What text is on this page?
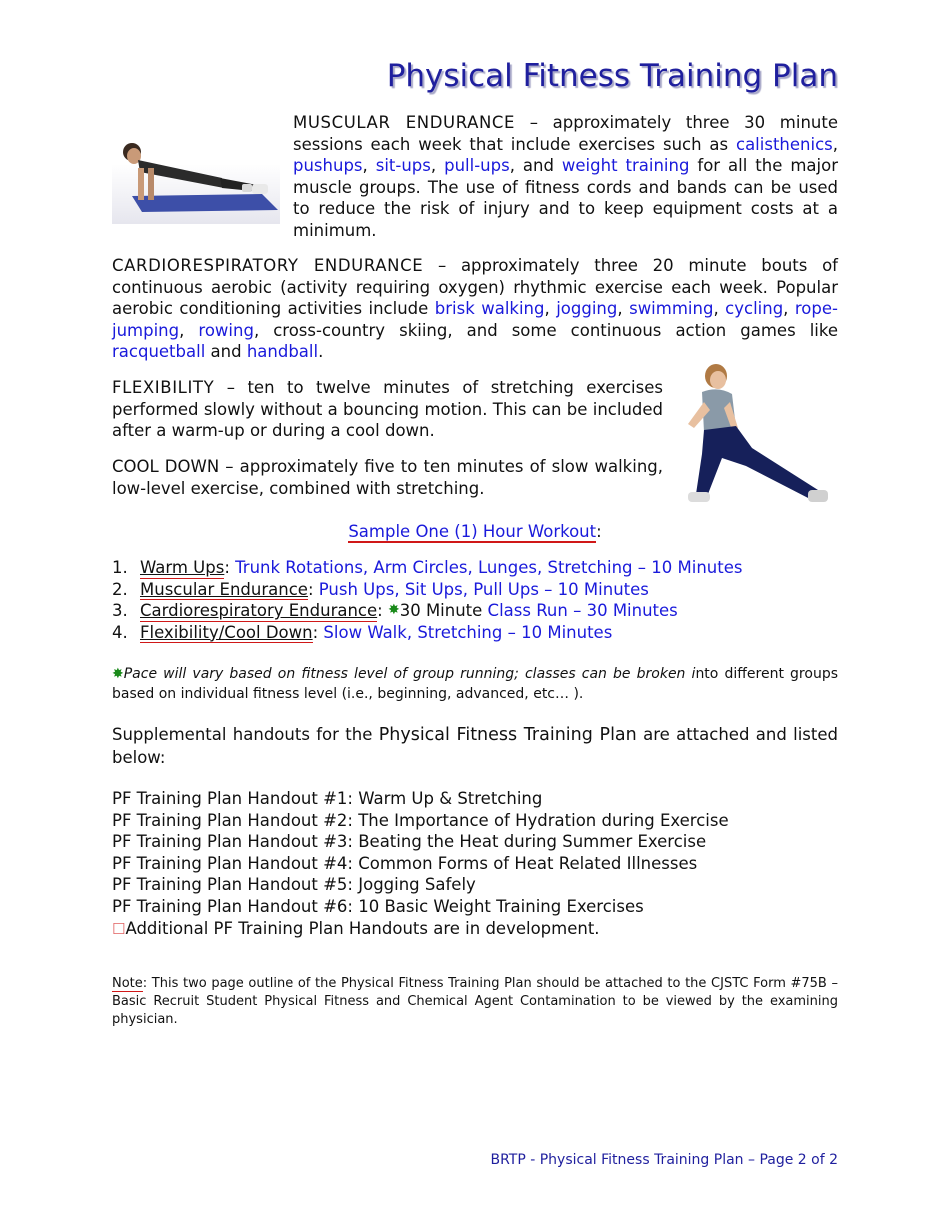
Physical Fitness Training Plan
MUSCULAR ENDURANCE – approximately three 30 minute sessions each week that include exercises such as calisthenics, pushups, sit-ups, pull-ups, and weight training for all the major muscle groups. The use of fitness cords and bands can be used to reduce the risk of injury and to keep equipment costs at a minimum.
CARDIORESPIRATORY ENDURANCE – approximately three 20 minute bouts of continuous aerobic (activity requiring oxygen) rhythmic exercise each week. Popular aerobic conditioning activities include brisk walking, jogging, swimming, cycling, rope-jumping, rowing, cross-country skiing, and some continuous action games like racquetball and handball.
FLEXIBILITY – ten to twelve minutes of stretching exercises performed slowly without a bouncing motion. This can be included after a warm-up or during a cool down.
COOL DOWN – approximately five to ten minutes of slow walking, low-level exercise, combined with stretching.
Sample One (1) Hour Workout:
1. Warm Ups : Trunk Rotations , Arm Circles, Lunges , Stretching – 10 Minutes
2. Muscular Endurance : Push Ups , Sit Ups , Pull Ups – 10 Minutes
3. Cardiorespiratory Endurance : ✸ 30 Minute Class Run – 30 Minutes
4. Flexibility/Cool Down : Slow Walk , Stretching – 10 Minutes
✸Pace will vary based on fitness level of group running; classes can be broken into different groups based on individual fitness level (i.e., beginning, advanced, etc… ).
Supplemental handouts for the Physical Fitness Training Plan are attached and listed below:
PF Training Plan Handout #1: Warm Up & Stretching
PF Training Plan Handout #2: The Importance of Hydration during Exercise
PF Training Plan Handout #3: Beating the Heat during Summer Exercise
PF Training Plan Handout #4: Common Forms of Heat Related Illnesses
PF Training Plan Handout #5: Jogging Safely
PF Training Plan Handout #6: 10 Basic Weight Training Exercises
☐Additional PF Training Plan Handouts are in development.
Note: This two page outline of the Physical Fitness Training Plan should be attached to the CJSTC Form #75B – Basic Recruit Student Physical Fitness and Chemical Agent Contamination to be viewed by the examining physician.
BRTP - Physical Fitness Training Plan – Page 2 of 2
